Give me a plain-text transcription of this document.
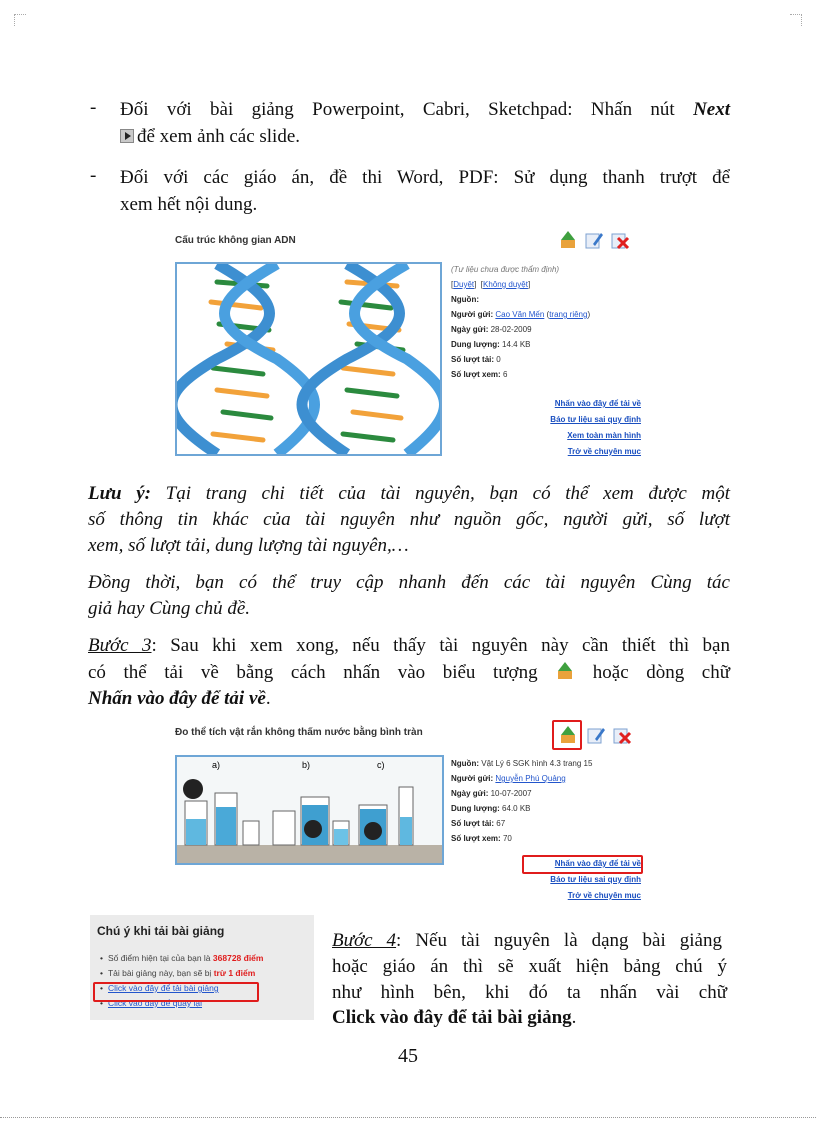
- Đối với bài giảng Powerpoint, Cabri, Sketchpad: Nhấn nút Next
để xem ảnh các slide.
- Đối với các giáo án, đề thi Word, PDF: Sử dụng thanh trượt để
xem hết nội dung.
Cấu trúc không gian ADN
(Tư liệu chưa được thẩm định)
[Duyệt]  [Không duyệt]
Nguồn:
Người gửi: Cao Văn Mến (trang riêng)
Ngày gửi: 28-02-2009
Dung lượng: 14.4 KB
Số lượt tải: 0
Số lượt xem: 6
Nhấn vào đây để tải về
Báo tư liệu sai quy định
Xem toàn màn hình
Trở về chuyên mục
Lưu ý: Tại trang chi tiết của tài nguyên, bạn có thể xem được một
số thông tin khác của tài nguyên như nguồn gốc, người gửi, số lượt
xem, số lượt tải, dung lượng tài nguyên,…
Đồng thời, bạn có thể truy cập nhanh đến các tài nguyên Cùng tác
giả hay Cùng chủ đề.
Bước 3: Sau khi xem xong, nếu thấy tài nguyên này cần thiết thì bạn
có thể tải về bằng cách nhấn vào biểu tượng	hoặc dòng chữ
Nhấn vào đây để tải về.
Đo thể tích vật rắn không thấm nước bằng bình tràn
a)	b)	c)	Nguồn: Vật Lý 6 SGK hình 4.3 trang 15
Người gửi: Nguyễn Phú Quảng
Ngày gửi: 10-07-2007
Dung lượng: 64.0 KB
Số lượt tải: 67
Số lượt xem: 70
Nhấn vào đây để tải về
Báo tư liệu sai quy định
Trở về chuyên mục
Chú ý khi tải bài giảng
• Số điểm hiện tại của bạn là 368728 điểm
• Tải bài giảng này, bạn sẽ bị trừ 1 điểm
• Click vào đây để tải bài giảng
• Click vào đây để quay lại
Bước 4: Nếu tài nguyên là dạng bài giảng
hoặc giáo án thì sẽ xuất hiện bảng chú ý
như hình bên, khi đó ta nhấn vài chữ
Click vào đây để tải bài giảng.
45
